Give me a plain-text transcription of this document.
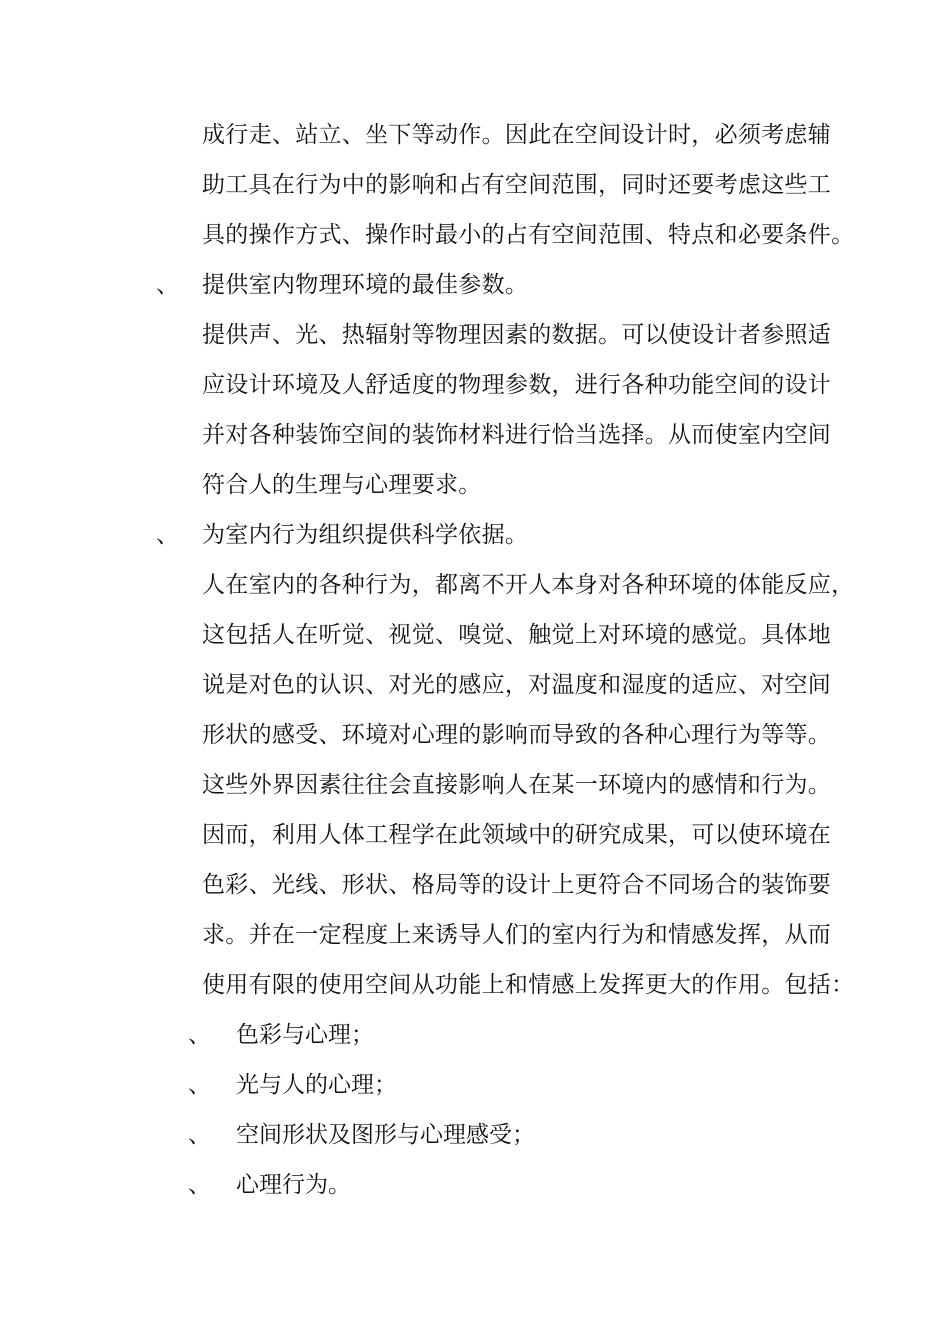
成行走、站立、坐下等动作。因此在空间设计时，必须考虑辅
助工具在行为中的影响和占有空间范围，同时还要考虑这些工
具的操作方式、操作时最小的占有空间范围、特点和必要条件。
、 提供室内物理环境的最佳参数。
提供声、光、热辐射等物理因素的数据。可以使设计者参照适
应设计环境及人舒适度的物理参数，进行各种功能空间的设计
并对各种装饰空间的装饰材料进行恰当选择。从而使室内空间
符合人的生理与心理要求。
、 为室内行为组织提供科学依据。
人在室内的各种行为，都离不开人本身对各种环境的体能反应，
这包括人在听觉、视觉、嗅觉、触觉上对环境的感觉。具体地
说是对色的认识、对光的感应，对温度和湿度的适应、对空间
形状的感受、环境对心理的影响而导致的各种心理行为等等。
这些外界因素往往会直接影响人在某一环境内的感情和行为。
因而，利用人体工程学在此领域中的研究成果，可以使环境在
色彩、光线、形状、格局等的设计上更符合不同场合的装饰要
求。并在一定程度上来诱导人们的室内行为和情感发挥，从而
使用有限的使用空间从功能上和情感上发挥更大的作用。包括：
、 色彩与心理；
、 光与人的心理；
、 空间形状及图形与心理感受；
、 心理行为。
